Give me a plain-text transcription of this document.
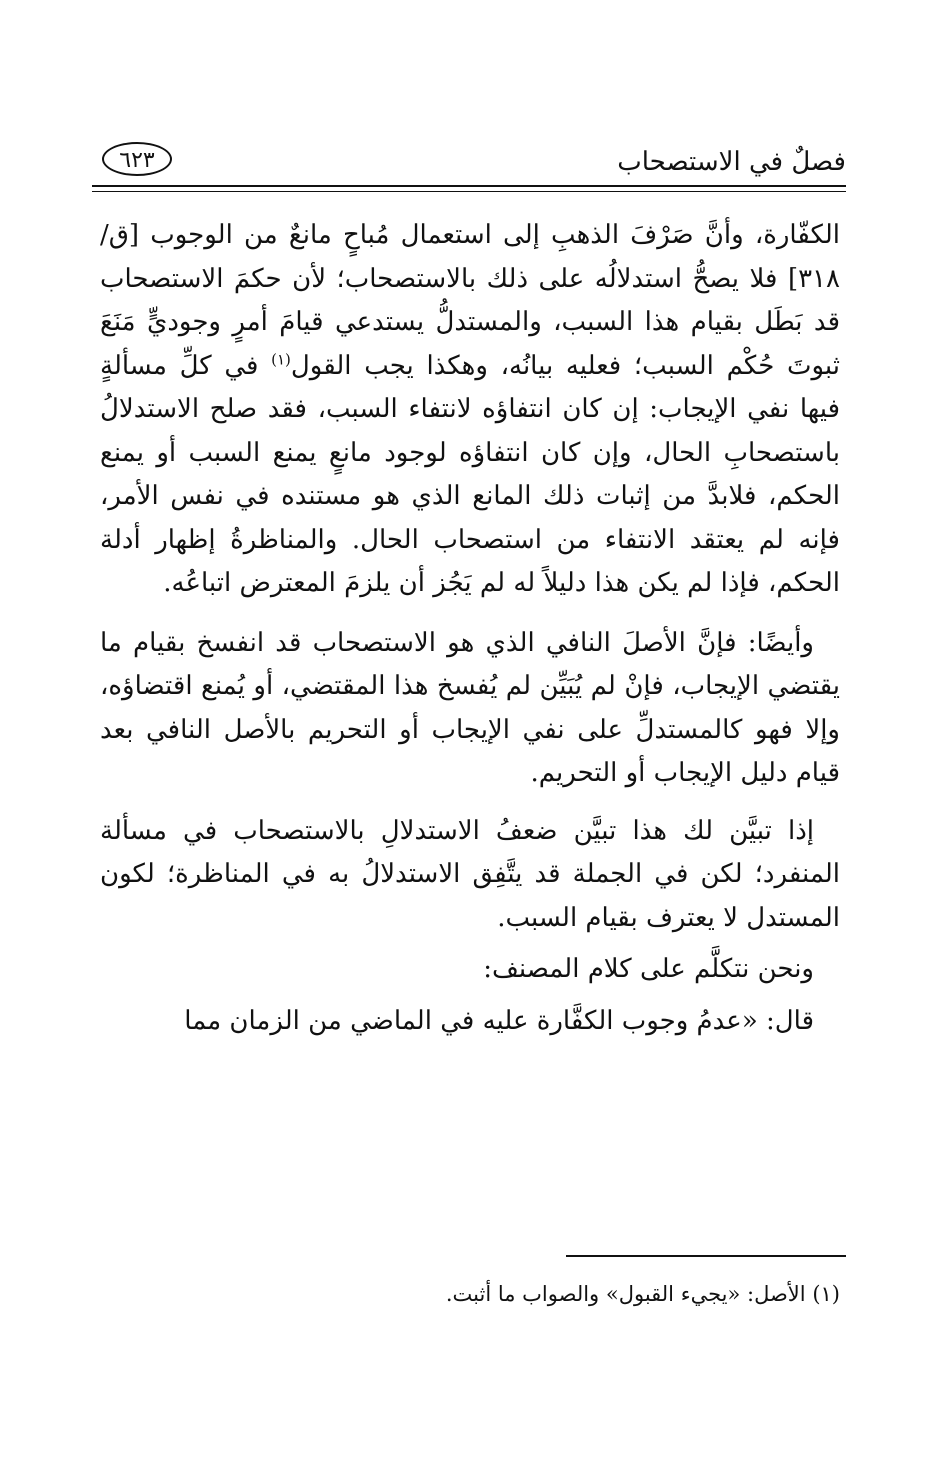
فصلٌ في الاستصحاب
٦٢٣

الكفّارة، وأنَّ صَرْفَ الذهبِ إلى استعمال مُباحٍ مانعٌ من الوجوب [ق/٣١٨] فلا يصحُّ استدلالُه على ذلك بالاستصحاب؛ لأن حكمَ الاستصحاب قد بَطَل بقيام هذا السبب، والمستدلُّ يستدعي قيامَ أمرٍ وجوديٍّ مَنَعَ ثبوتَ حُكْم السبب؛ فعليه بيانُه، وهكذا يجب القول$^{(١)}$ في كلِّ مسألةٍ فيها نفي الإيجاب: إن كان انتفاؤه لانتفاء السبب، فقد صلح الاستدلالُ باستصحابِ الحال، وإن كان انتفاؤه لوجود مانعٍ يمنع السبب أو يمنع الحكم، فلابدَّ من إثبات ذلك المانع الذي هو مستنده في نفس الأمر، فإنه لم يعتقد الانتفاء من استصحاب الحال. والمناظرةُ إظهار أدلة الحكم، فإذا لم يكن هذا دليلاً له لم يَجُز أن يلزمَ المعترض اتباعُه.

وأيضًا: فإنَّ الأصلَ النافي الذي هو الاستصحاب قد انفسخ بقيام ما يقتضي الإيجاب، فإنْ لم يُبَيِّن لم يُفسخ هذا المقتضي، أو يُمنع اقتضاؤه، وإلا فهو كالمستدلِّ على نفي الإيجاب أو التحريم بالأصل النافي بعد قيام دليل الإيجاب أو التحريم.

إذا تبيَّن لك هذا تبيَّن ضعفُ الاستدلالِ بالاستصحاب في مسألة المنفرد؛ لكن في الجملة قد يتَّفِق الاستدلالُ به في المناظرة؛ لكون المستدل لا يعترف بقيام السبب.

ونحن نتكلَّم على كلام المصنف:

قال: «عدمُ وجوب الكفَّارة عليه في الماضي من الزمان مما

(١) الأصل: «يجيء القبول» والصواب ما أثبت.
